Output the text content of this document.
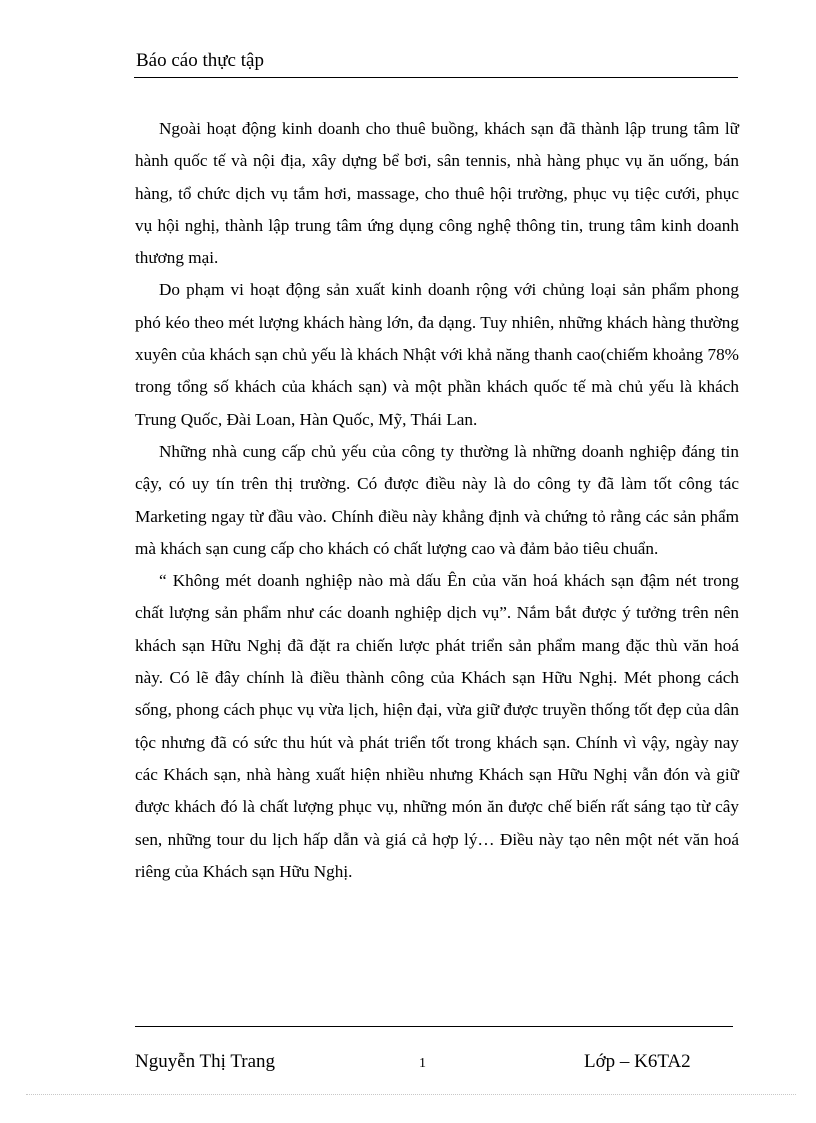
Báo cáo thực tập

Ngoài hoạt động kinh doanh cho thuê buồng, khách sạn đã thành lập trung tâm lữ hành quốc tế và nội địa, xây dựng bể bơi, sân tennis, nhà hàng phục vụ ăn uống, bán hàng, tổ chức dịch vụ tắm hơi, massage, cho thuê hội trường, phục vụ tiệc cưới, phục vụ hội nghị, thành lập trung tâm ứng dụng công nghệ thông tin, trung tâm kinh doanh thương mại.

Do phạm vi hoạt động sản xuất kinh doanh rộng với chủng loại sản phẩm phong phó kéo theo mét lượng khách hàng lớn, đa dạng. Tuy nhiên, những khách hàng thường xuyên của khách sạn chủ yếu là khách Nhật với khả năng thanh cao(chiếm khoảng 78% trong tổng số khách của khách sạn) và một phần khách quốc tế mà chủ yếu là khách Trung Quốc, Đài Loan, Hàn Quốc, Mỹ, Thái Lan.

Những nhà cung cấp chủ yếu của công ty thường là những doanh nghiệp đáng tin cậy, có uy tín trên thị trường. Có được điều này là do công ty đã làm tốt công tác Marketing ngay từ đầu vào. Chính điều này khẳng định và chứng tỏ rằng các sản phẩm mà khách sạn cung cấp cho khách có chất lượng cao và đảm bảo tiêu chuẩn.

“ Không mét doanh nghiệp nào mà dấu Ên của văn hoá khách sạn đậm nét trong chất lượng sản phẩm như các doanh nghiệp dịch vụ”. Nắm bắt được ý tưởng trên nên khách sạn Hữu Nghị đã đặt ra chiến lược phát triển sản phẩm mang đặc thù văn hoá này. Có lẽ đây chính là điều thành công của Khách sạn Hữu Nghị. Mét phong cách sống, phong cách phục vụ vừa lịch, hiện đại, vừa giữ được truyền thống tốt đẹp của dân tộc nhưng đã có sức thu hút và phát triển tốt trong khách sạn. Chính vì vậy, ngày nay các Khách sạn, nhà hàng xuất hiện nhiều nhưng Khách sạn Hữu Nghị vẫn đón và giữ được khách đó là chất lượng phục vụ, những món ăn được chế biến rất sáng tạo từ cây sen, những tour du lịch hấp dẫn và giá cả hợp lý… Điều này tạo nên một nét văn hoá riêng của Khách sạn Hữu Nghị.

Nguyễn Thị Trang	1	Lớp – K6TA2
